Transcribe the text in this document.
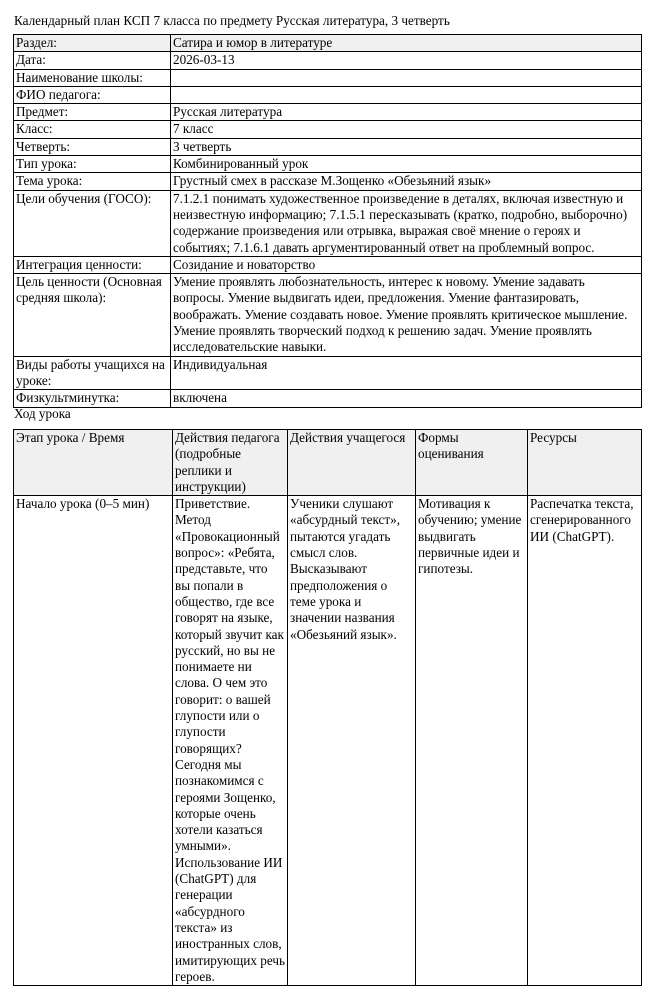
Календарный план КСП 7 класса по предмету Русская литература, 3 четверть
Раздел:	Сатира и юмор в литературе
Дата:	2026-03-13
Наименование школы:	
ФИО педагога:	
Предмет:	Русская литература
Класс:	7 класс
Четверть:	3 четверть
Тип урока:	Комбинированный урок
Тема урока:	Грустный смех в рассказе М.Зощенко «Обезьяний язык»
Цели обучения (ГОСО):	7.1.2.1 понимать художественное произведение в деталях, включая известную и неизвестную информацию; 7.1.5.1 пересказывать (кратко, подробно, выборочно) содержание произведения или отрывка, выражая своё мнение о героях и событиях; 7.1.6.1 давать аргументированный ответ на проблемный вопрос.
Интеграция ценности:	Созидание и новаторство
Цель ценности (Основная средняя школа):	Умение проявлять любознательность, интерес к новому. Умение задавать вопросы. Умение выдвигать идеи, предложения. Умение фантазировать, воображать. Умение создавать новое. Умение проявлять критическое мышление. Умение проявлять творческий подход к решению задач. Умение проявлять исследовательские навыки.
Виды работы учащихся на уроке:	Индивидуальная
Физкультминутка:	включена
Ход урока
Этап урока / Время	Действия педагога (подробные реплики и инструкции)	Действия учащегося	Формы оценивания	Ресурсы
Начало урока (0–5 мин)	Приветствие. Метод «Провокационный вопрос»: «Ребята, представьте, что вы попали в общество, где все говорят на языке, который звучит как русский, но вы не понимаете ни слова. О чем это говорит: о вашей глупости или о глупости говорящих? Сегодня мы познакомимся с героями Зощенко, которые очень хотели казаться умными». Использование ИИ (ChatGPT) для генерации «абсурдного текста» из иностранных слов, имитирующих речь героев.	Ученики слушают «абсурдный текст», пытаются угадать смысл слов. Высказывают предположения о теме урока и значении названия «Обезьяний язык».	Мотивация к обучению; умение выдвигать первичные идеи и гипотезы.	Распечатка текста, сгенерированного ИИ (ChatGPT).
